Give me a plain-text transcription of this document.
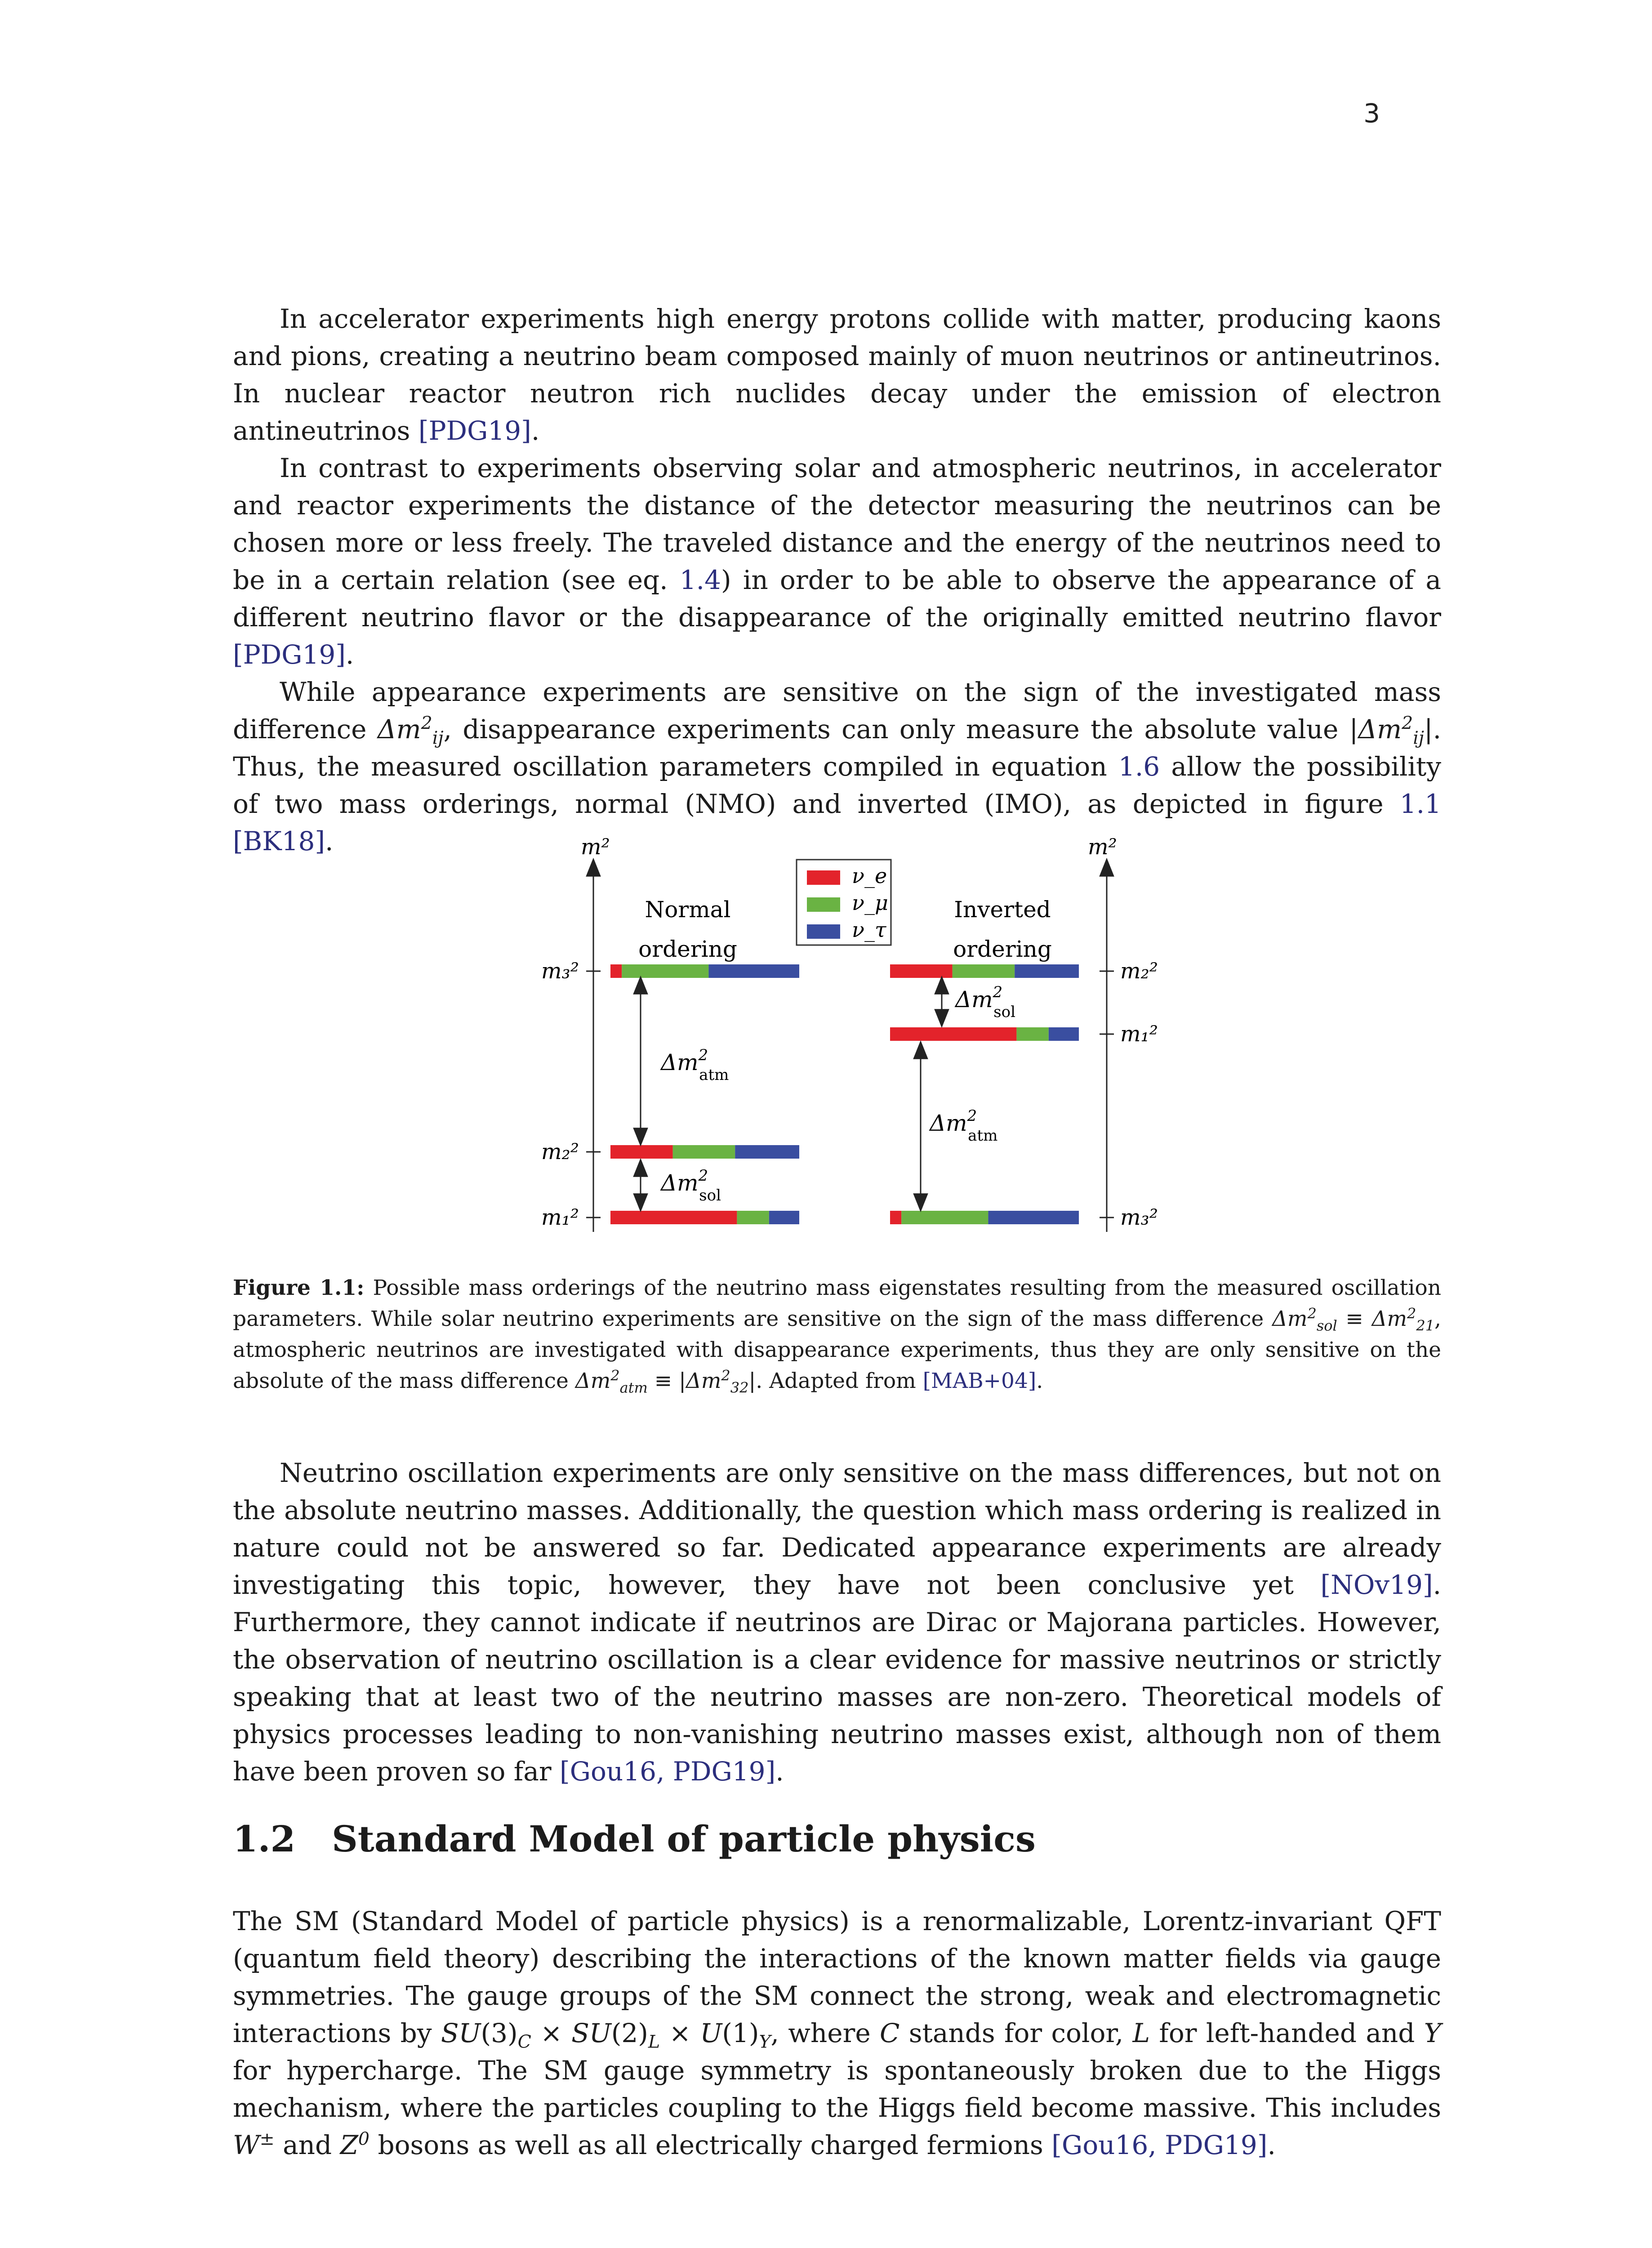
3

In accelerator experiments high energy protons collide with matter, producing kaons and pions, creating a neutrino beam composed mainly of muon neutrinos or antineutrinos. In nuclear reactor neutron rich nuclides decay under the emission of electron antineutrinos [PDG19].

In contrast to experiments observing solar and atmospheric neutrinos, in accelerator and reactor experiments the distance of the detector measuring the neutrinos can be chosen more or less freely. The traveled distance and the energy of the neutrinos need to be in a certain relation (see eq. 1.4) in order to be able to observe the appearance of a different neutrino flavor or the disappearance of the originally emitted neutrino flavor [PDG19].

While appearance experiments are sensitive on the sign of the investigated mass difference $\Delta m^2_{ij}$, disappearance experiments can only measure the absolute value $|\Delta m^2_{ij}|$. Thus, the measured oscillation parameters compiled in equation 1.6 allow the possibility of two mass orderings, normal (NMO) and inverted (IMO), as depicted in figure 1.1 [BK18].	m²	m²
Normal
ordering
Inverted
ordering
ν_e
ν_μ
ν_τ
m₃²
m₂²
m₁²
m₂²
m₁²
m₃²
$\Delta m^2$ atm
$\Delta m^2$ sol
$\Delta m^2$ sol
$\Delta m^2$ atm
Figure 1.1: Possible mass orderings of the neutrino mass eigenstates resulting from the measured oscillation parameters. While solar neutrino experiments are sensitive on the sign of the mass difference $\Delta m^2_{sol} \equiv \Delta m^2_{21}$, atmospheric neutrinos are investigated with disappearance experiments, thus they are only sensitive on the absolute of the mass difference $\Delta m^2_{atm} \equiv |\Delta m^2_{32}|$. Adapted from [MAB+04].

Neutrino oscillation experiments are only sensitive on the mass differences, but not on the absolute neutrino masses. Additionally, the question which mass ordering is realized in nature could not be answered so far. Dedicated appearance experiments are already investigating this topic, however, they have not been conclusive yet [NOv19]. Furthermore, they cannot indicate if neutrinos are Dirac or Majorana particles. However, the observation of neutrino oscillation is a clear evidence for massive neutrinos or strictly speaking that at least two of the neutrino masses are non-zero. Theoretical models of physics processes leading to non-vanishing neutrino masses exist, although non of them have been proven so far [Gou16, PDG19].

1.2 Standard Model of particle physics

The SM (Standard Model of particle physics) is a renormalizable, Lorentz-invariant QFT (quantum field theory) describing the interactions of the known matter fields via gauge symmetries. The gauge groups of the SM connect the strong, weak and electromagnetic interactions by $SU(3)_C \times SU(2)_L \times U(1)_Y$, where C stands for color, L for left-handed and Y for hypercharge. The SM gauge symmetry is spontaneously broken due to the Higgs mechanism, where the particles coupling to the Higgs field become massive. This includes W± and $Z^0$ bosons as well as all electrically charged fermions [Gou16, PDG19].
